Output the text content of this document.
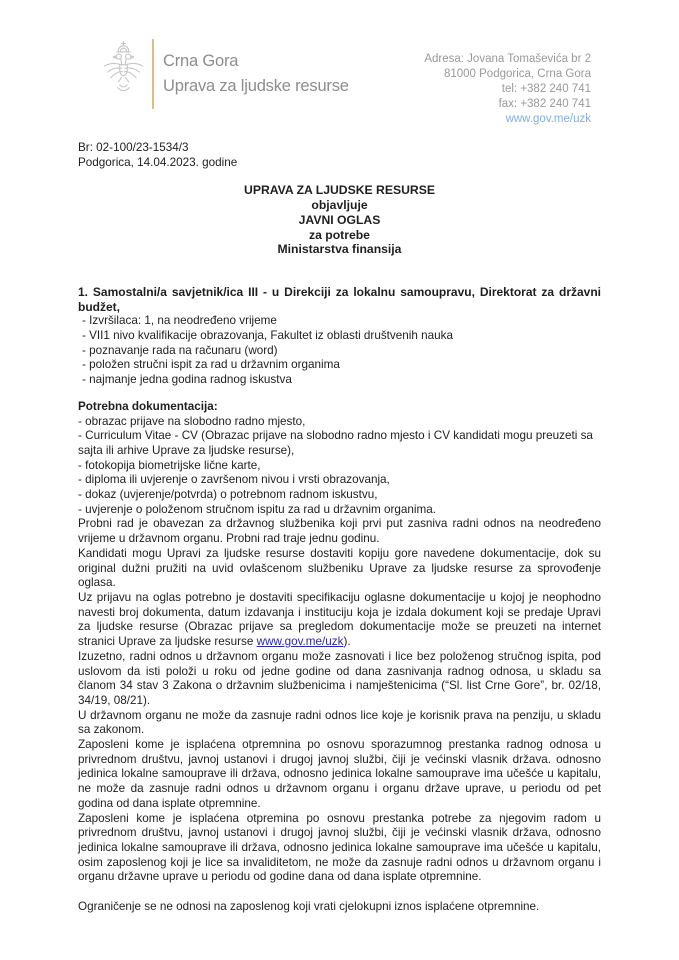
Crna Gora
Uprava za ljudske resurse
Adresa: Jovana Tomaševića br 2
81000 Podgorica, Crna Gora
tel: +382 240 741
fax: +382 240 741
www.gov.me/uzk
Br: 02-100/23-1534/3
Podgorica, 14.04.2023. godine
UPRAVA ZA LJUDSKE RESURSE
objavljuje
JAVNI OGLAS
za potrebe
Ministarstva finansija

1. Samostalni/a savjetnik/ica III - u Direkciji za lokalnu samoupravu, Direktorat za državni budžet,

- Izvršilaca: 1, na neodređeno vrijeme
- VII1 nivo kvalifikacije obrazovanja, Fakultet iz oblasti društvenih nauka
- poznavanje rada na računaru (word)
- položen stručni ispit za rad u državnim organima
- najmanje jedna godina radnog iskustva

Potrebna dokumentacija:

- obrazac prijave na slobodno radno mjesto,
- Curriculum Vitae - CV (Obrazac prijave na slobodno radno mjesto i CV kandidati mogu preuzeti sa sajta ili arhive Uprave za ljudske resurse),
- fotokopija biometrijske lične karte,
- diploma ili uvjerenje o završenom nivou i vrsti obrazovanja,
- dokaz (uvjerenje/potvrda) o potrebnom radnom iskustvu,
- uvjerenje o položenom stručnom ispitu za rad u državnim organima.

Probni rad je obavezan za državnog službenika koji prvi put zasniva radni odnos na neodređeno vrijeme u državnom organu. Probni rad traje jednu godinu.

Kandidati mogu Upravi za ljudske resurse dostaviti kopiju gore navedene dokumentacije, dok su original dužni pružiti na uvid ovlašcenom službeniku Uprave za ljudske resurse za sprovođenje oglasa.

Uz prijavu na oglas potrebno je dostaviti specifikaciju oglasne dokumentacije u kojoj je neophodno navesti broj dokumenta, datum izdavanja i instituciju koja je izdala dokument koji se predaje Upravi za ljudske resurse (Obrazac prijave sa pregledom dokumentacije može se preuzeti na internet stranici Uprave za ljudske resurse www.gov.me/uzk).

Izuzetno, radni odnos u državnom organu može zasnovati i lice bez položenog stručnog ispita, pod uslovom da isti položi u roku od jedne godine od dana zasnivanja radnog odnosa, u skladu sa članom 34 stav 3 Zakona o državnim službenicima i namještenicima (“Sl. list Crne Gore”, br. 02/18, 34/19, 08/21).

U državnom organu ne može da zasnuje radni odnos lice koje je korisnik prava na penziju, u skladu sa zakonom.

Zaposleni kome je isplaćena otpremnina po osnovu sporazumnog prestanka radnog odnosa u privrednom društvu, javnoj ustanovi i drugoj javnoj službi, čiji je većinski vlasnik država. odnosno jedinica lokalne samouprave ili država, odnosno jedinica lokalne samouprave ima učešće u kapitalu, ne može da zasnuje radni odnos u državnom organu i organu države uprave, u periodu od pet godina od dana isplate otpremnine.

Zaposleni kome je isplaćena otpremina po osnovu prestanka potrebe za njegovim radom u privrednom društvu, javnoj ustanovi i drugoj javnoj službi, čiji je većinski vlasnik država, odnosno jedinica lokalne samouprave ili država, odnosno jedinica lokalne samouprave ima učešće u kapitalu, osim zaposlenog koji je lice sa invaliditetom, ne može da zasnuje radni odnos u državnom organu i organu državne uprave u periodu od godine dana od dana isplate otpremnine.

Ograničenje se ne odnosi na zaposlenog koji vrati cjelokupni iznos isplaćene otpremnine.
